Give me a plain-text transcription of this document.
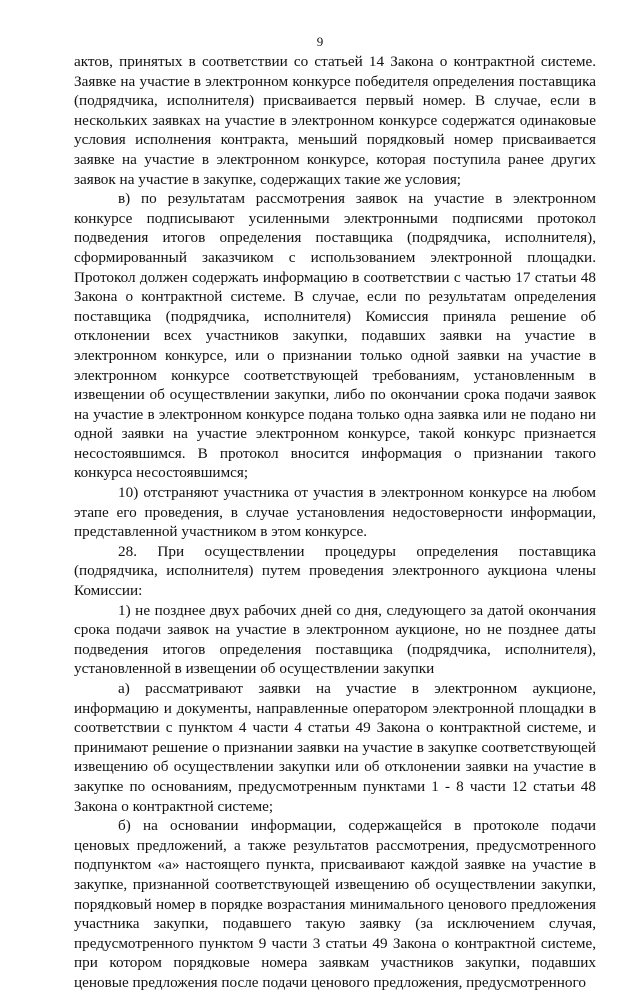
9

актов, принятых в соответствии со статьей 14 Закона о контрактной системе. Заявке на участие в электронном конкурсе победителя определения поставщика (подрядчика, исполнителя) присваивается первый номер. В случае, если в нескольких заявках на участие в электронном конкурсе содержатся одинаковые условия исполнения контракта, меньший порядковый номер присваивается заявке на участие в электронном конкурсе, которая поступила ранее других заявок на участие в закупке, содержащих такие же условия;

в) по результатам рассмотрения заявок на участие в электронном конкурсе подписывают усиленными электронными подписями протокол подведения итогов определения поставщика (подрядчика, исполнителя), сформированный заказчиком с использованием электронной площадки. Протокол должен содержать информацию в соответствии с частью 17 статьи 48 Закона о контрактной системе. В случае, если по результатам определения поставщика (подрядчика, исполнителя) Комиссия приняла решение об отклонении всех участников закупки, подавших заявки на участие в электронном конкурсе, или о признании только одной заявки на участие в электронном конкурсе соответствующей требованиям, установленным в извещении об осуществлении закупки, либо по окончании срока подачи заявок на участие в электронном конкурсе подана только одна заявка или не подано ни одной заявки на участие электронном конкурсе, такой конкурс признается несостоявшимся. В протокол вносится информация о признании такого конкурса несостоявшимся;

10) отстраняют участника от участия в электронном конкурсе на любом этапе его проведения, в случае установления недостоверности информации, представленной участником в этом конкурсе.

28. При осуществлении процедуры определения поставщика (подрядчика, исполнителя) путем проведения электронного аукциона члены Комиссии:

1) не позднее двух рабочих дней со дня, следующего за датой окончания срока подачи заявок на участие в электронном аукционе, но не позднее даты подведения итогов определения поставщика (подрядчика, исполнителя), установленной в извещении об осуществлении закупки

а) рассматривают заявки на участие в электронном аукционе, информацию и документы, направленные оператором электронной площадки в соответствии с пунктом 4 части 4 статьи 49 Закона о контрактной системе, и принимают решение о признании заявки на участие в закупке соответствующей извещению об осуществлении закупки или об отклонении заявки на участие в закупке по основаниям, предусмотренным пунктами 1 - 8 части 12 статьи 48 Закона о контрактной системе;

б) на основании информации, содержащейся в протоколе подачи ценовых предложений, а также результатов рассмотрения, предусмотренного подпунктом «а» настоящего пункта, присваивают каждой заявке на участие в закупке, признанной соответствующей извещению об осуществлении закупки, порядковый номер в порядке возрастания минимального ценового предложения участника закупки, подавшего такую заявку (за исключением случая, предусмотренного пунктом 9 части 3 статьи 49 Закона о контрактной системе, при котором порядковые номера заявкам участников закупки, подавших ценовые предложения после подачи ценового предложения, предусмотренного
